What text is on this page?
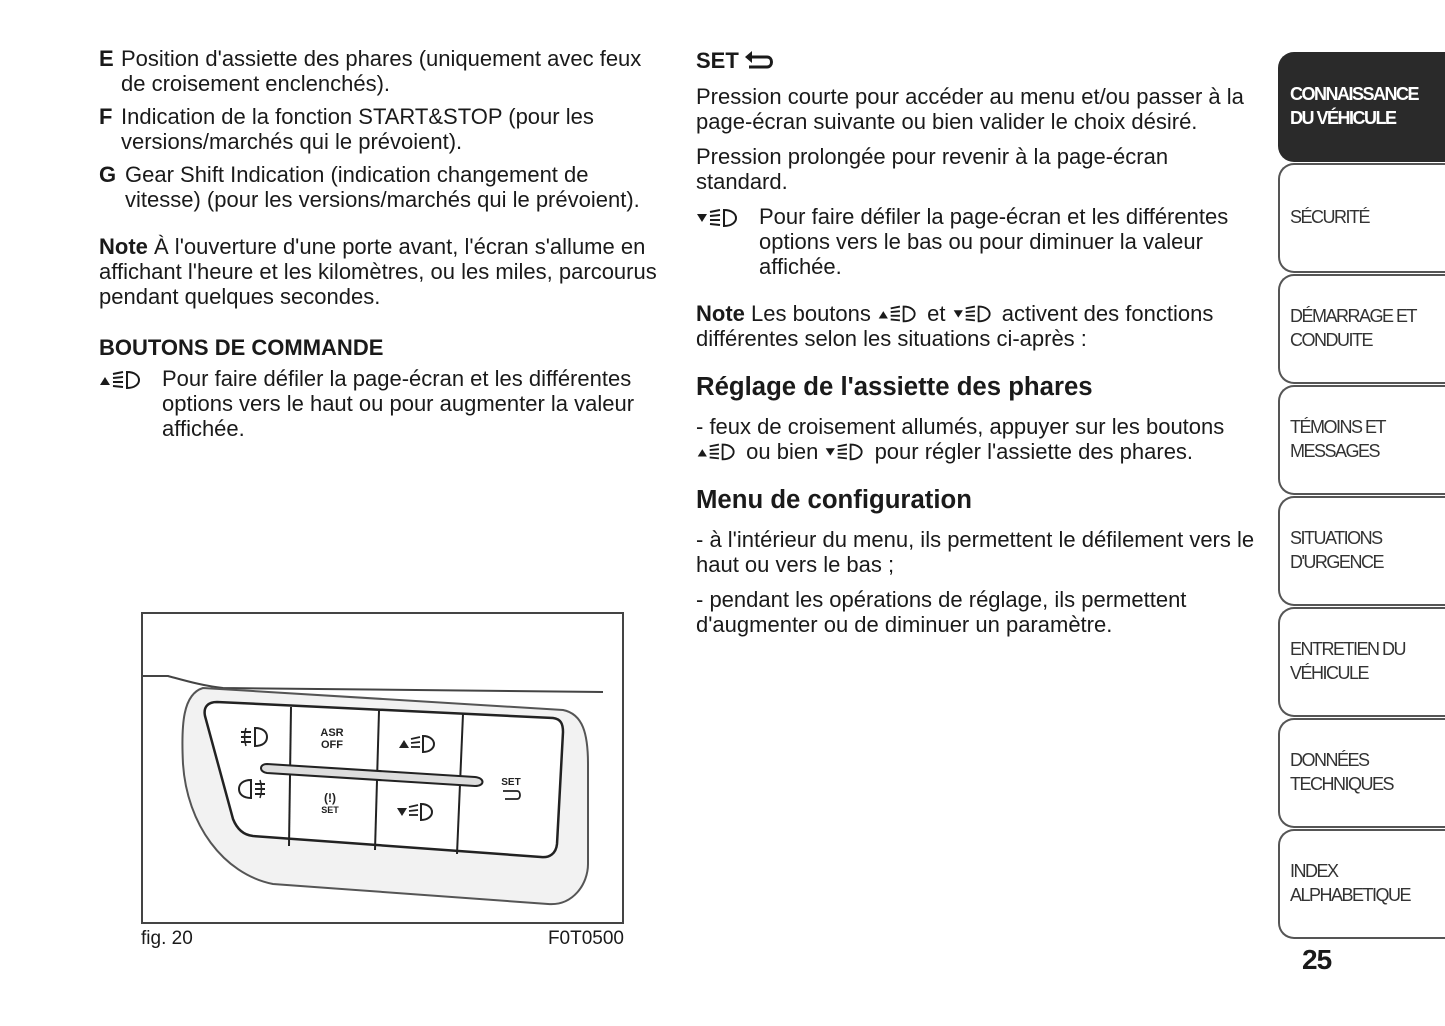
E Position d'assiette des phares (uniquement avec feux de croisement enclenchés).
F Indication de la fonction START&STOP (pour les versions/marchés qui le prévoient).
G Gear Shift Indication (indication changement de vitesse) (pour les versions/marchés qui le prévoient).

Note À l'ouverture d'une porte avant, l'écran s'allume en affichant l'heure et les kilomètres, ou les miles, parcourus pendant quelques secondes.

BOUTONS DE COMMANDE
Pour faire défiler la page-écran et les différentes options vers le haut ou pour augmenter la valeur affichée.
ASR
OFF
(!)
SET
SET
fig. 20	F0T0500
SET

Pression courte pour accéder au menu et/ou passer à la page-écran suivante ou bien valider le choix désiré.

Pression prolongée pour revenir à la page-écran standard.

Pour faire défiler la page-écran et les différentes options vers le bas ou pour diminuer la valeur affichée.

Note Les boutons	et	activent des fonctions différentes selon les situations ci-après :

Réglage de l'assiette des phares

- feux de croisement allumés, appuyer sur les boutons  ou bien	pour régler l'assiette des phares.

Menu de configuration

- à l'intérieur du menu, ils permettent le défilement vers le haut ou vers le bas ;

- pendant les opérations de réglage, ils permettent d'augmenter ou de diminuer un paramètre.

CONNAISSANCE
DU VÉHICULE
SÉCURITÉ
DÉMARRAGE ET
CONDUITE
TÉMOINS ET
MESSAGES
SITUATIONS
D'URGENCE
ENTRETIEN DU
VÉHICULE
DONNÉES
TECHNIQUES
INDEX
ALPHABETIQUE
25
